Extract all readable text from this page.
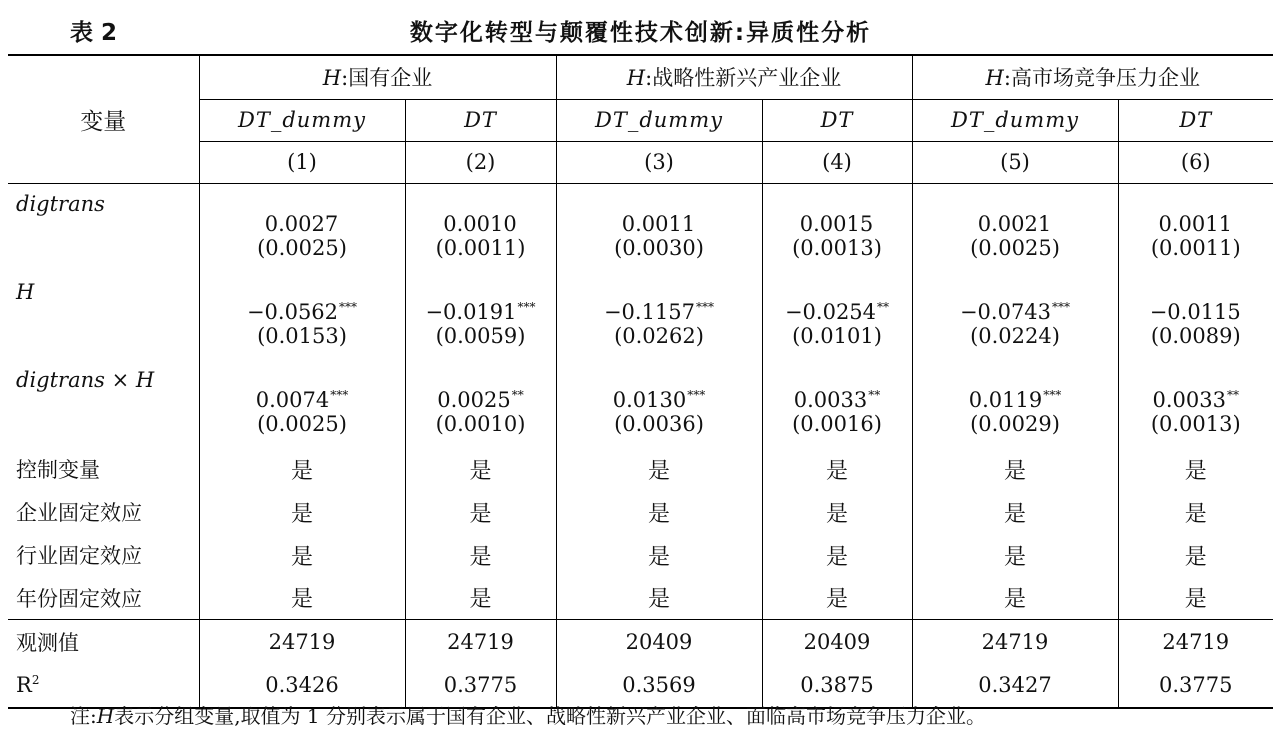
表 2	数字化转型与颠覆性技术创新:异质性分析
变量	H:国有企业		H:战略性新兴产业企业		H:高市场竞争压力企业	
	DT_dummy	DT	DT_dummy	DT	DT_dummy	DT
	(1)	(2)	(3)	(4)	(5)	(6)
digtrans	0.0027	0.0010	0.0011	0.0015	0.0021	0.0011
	(0.0025)	(0.0011)	(0.0030)	(0.0013)	(0.0025)	(0.0011)
H	−0.0562***	−0.0191***	−0.1157***	−0.0254**	−0.0743***	−0.0115
	(0.0153)	(0.0059)	(0.0262)	(0.0101)	(0.0224)	(0.0089)
digtrans × H	0.0074***	0.0025**	0.0130***	0.0033**	0.0119***	0.0033**
	(0.0025)	(0.0010)	(0.0036)	(0.0016)	(0.0029)	(0.0013)
控制变量	是	是	是	是	是	是
企业固定效应	是	是	是	是	是	是
行业固定效应	是	是	是	是	是	是
年份固定效应	是	是	是	是	是	是
观测值	24719	24719	20409	20409	24719	24719
$R^2$	0.3426	0.3775	0.3569	0.3875	0.3427	0.3775
注:H表示分组变量,取值为 1 分别表示属于国有企业、战略性新兴产业企业、面临高市场竞争压力企业。
